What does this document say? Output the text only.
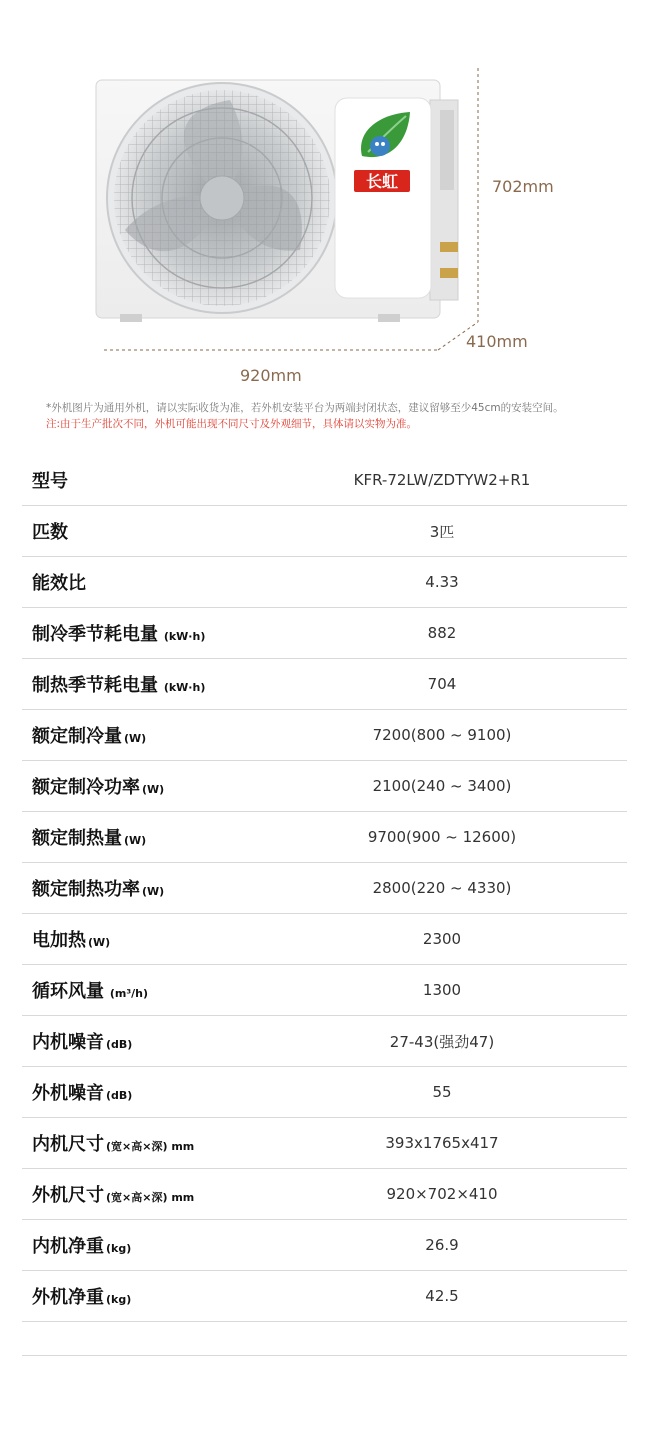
长虹	702mm
410mm
920mm
*外机图片为通用外机，请以实际收货为准，若外机安装平台为两端封闭状态，建议留够至少45cm的安装空间。
注:由于生产批次不同，外机可能出现不同尺寸及外观细节，具体请以实物为准。
型号	KFR-72LW/ZDTYW2+R1
匹数	3匹
能效比	4.33
制冷季节耗电量 (kW·h)	882
制热季节耗电量 (kW·h)	704
额定制冷量 (W)	7200(800 ~ 9100)
额定制冷功率 (W)	2100(240 ~ 3400)
额定制热量 (W)	9700(900 ~ 12600)
额定制热功率 (W)	2800(220 ~ 4330)
电加热 (W)	2300
循环风量 (m³/h)	1300
内机噪音 (dB)	27-43(强劲47)
外机噪音 (dB)	55
内机尺寸 (宽×高×深) mm	393x1765x417
外机尺寸 (宽×高×深) mm	920×702×410
内机净重 (kg)	26.9
外机净重 (kg)	42.5
